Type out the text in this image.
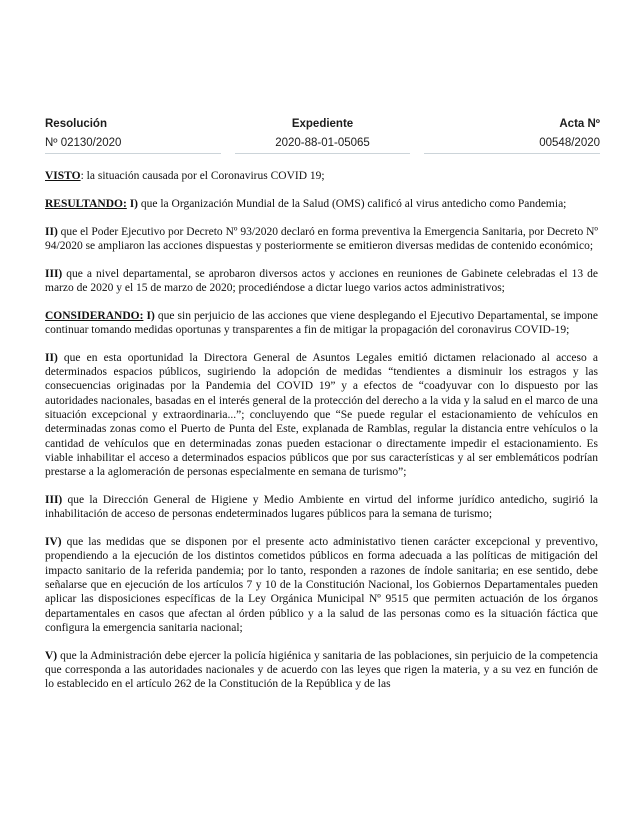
Resolución
Nº 02130/2020
Expediente
2020-88-01-05065
Acta Nº
00548/2020

VISTO: la situación causada por el Coronavirus COVID 19;

RESULTANDO: I) que la Organización Mundial de la Salud (OMS) calificó al virus antedicho como Pandemia;

II) que el Poder Ejecutivo por Decreto Nº 93/2020 declaró en forma preventiva la Emergencia Sanitaria, por Decreto Nº 94/2020 se ampliaron las acciones dispuestas y posteriormente se emitieron diversas medidas de contenido económico;

III) que a nivel departamental, se aprobaron diversos actos y acciones en reuniones de Gabinete celebradas el 13 de marzo de 2020 y el 15 de marzo de 2020; procediéndose a dictar luego varios actos administrativos;

CONSIDERANDO: I) que sin perjuicio de las acciones que viene desplegando el Ejecutivo Departamental, se impone continuar tomando medidas oportunas y transparentes a fin de mitigar la propagación del coronavirus COVID-19;

II) que en esta oportunidad la Directora General de Asuntos Legales emitió dictamen relacionado al acceso a determinados espacios públicos, sugiriendo la adopción de medidas “tendientes a disminuir los estragos y las consecuencias originadas por la Pandemia del COVID 19” y a efectos de “coadyuvar con lo dispuesto por las autoridades nacionales, basadas en el interés general de la protección del derecho a la vida y la salud en el marco de una situación excepcional y extraordinaria...”; concluyendo que “Se puede regular el estacionamiento de vehículos en determinadas zonas como el Puerto de Punta del Este, explanada de Ramblas, regular la distancia entre vehículos o la cantidad de vehículos que en determinadas zonas pueden estacionar o directamente impedir el estacionamiento. Es viable inhabilitar el acceso a determinados espacios públicos que por sus características y al ser emblemáticos podrían prestarse a la aglomeración de personas especialmente en semana de turismo”;

III) que la Dirección General de Higiene y Medio Ambiente en virtud del informe jurídico antedicho, sugirió la inhabilitación de acceso de personas endeterminados lugares públicos para la semana de turismo;

IV) que las medidas que se disponen por el presente acto administativo tienen carácter excepcional y preventivo, propendiendo a la ejecución de los distintos cometidos públicos en forma adecuada a las políticas de mitigación del impacto sanitario de la referida pandemia; por lo tanto, responden a razones de índole sanitaria; en ese sentido, debe señalarse que en ejecución de los artículos 7 y 10 de la Constitución Nacional, los Gobiernos Departamentales pueden aplicar las disposiciones específicas de la Ley Orgánica Municipal Nº 9515 que permiten actuación de los órganos departamentales en casos que afectan al órden público y a la salud de las personas como es la situación fáctica que configura la emergencia sanitaria nacional;

V) que la Administración debe ejercer la policía higiénica y sanitaria de las poblaciones, sin perjuicio de la competencia que corresponda a las autoridades nacionales y de acuerdo con las leyes que rigen la materia, y a su vez en función de lo establecido en el artículo 262 de la Constitución de la República y de las
